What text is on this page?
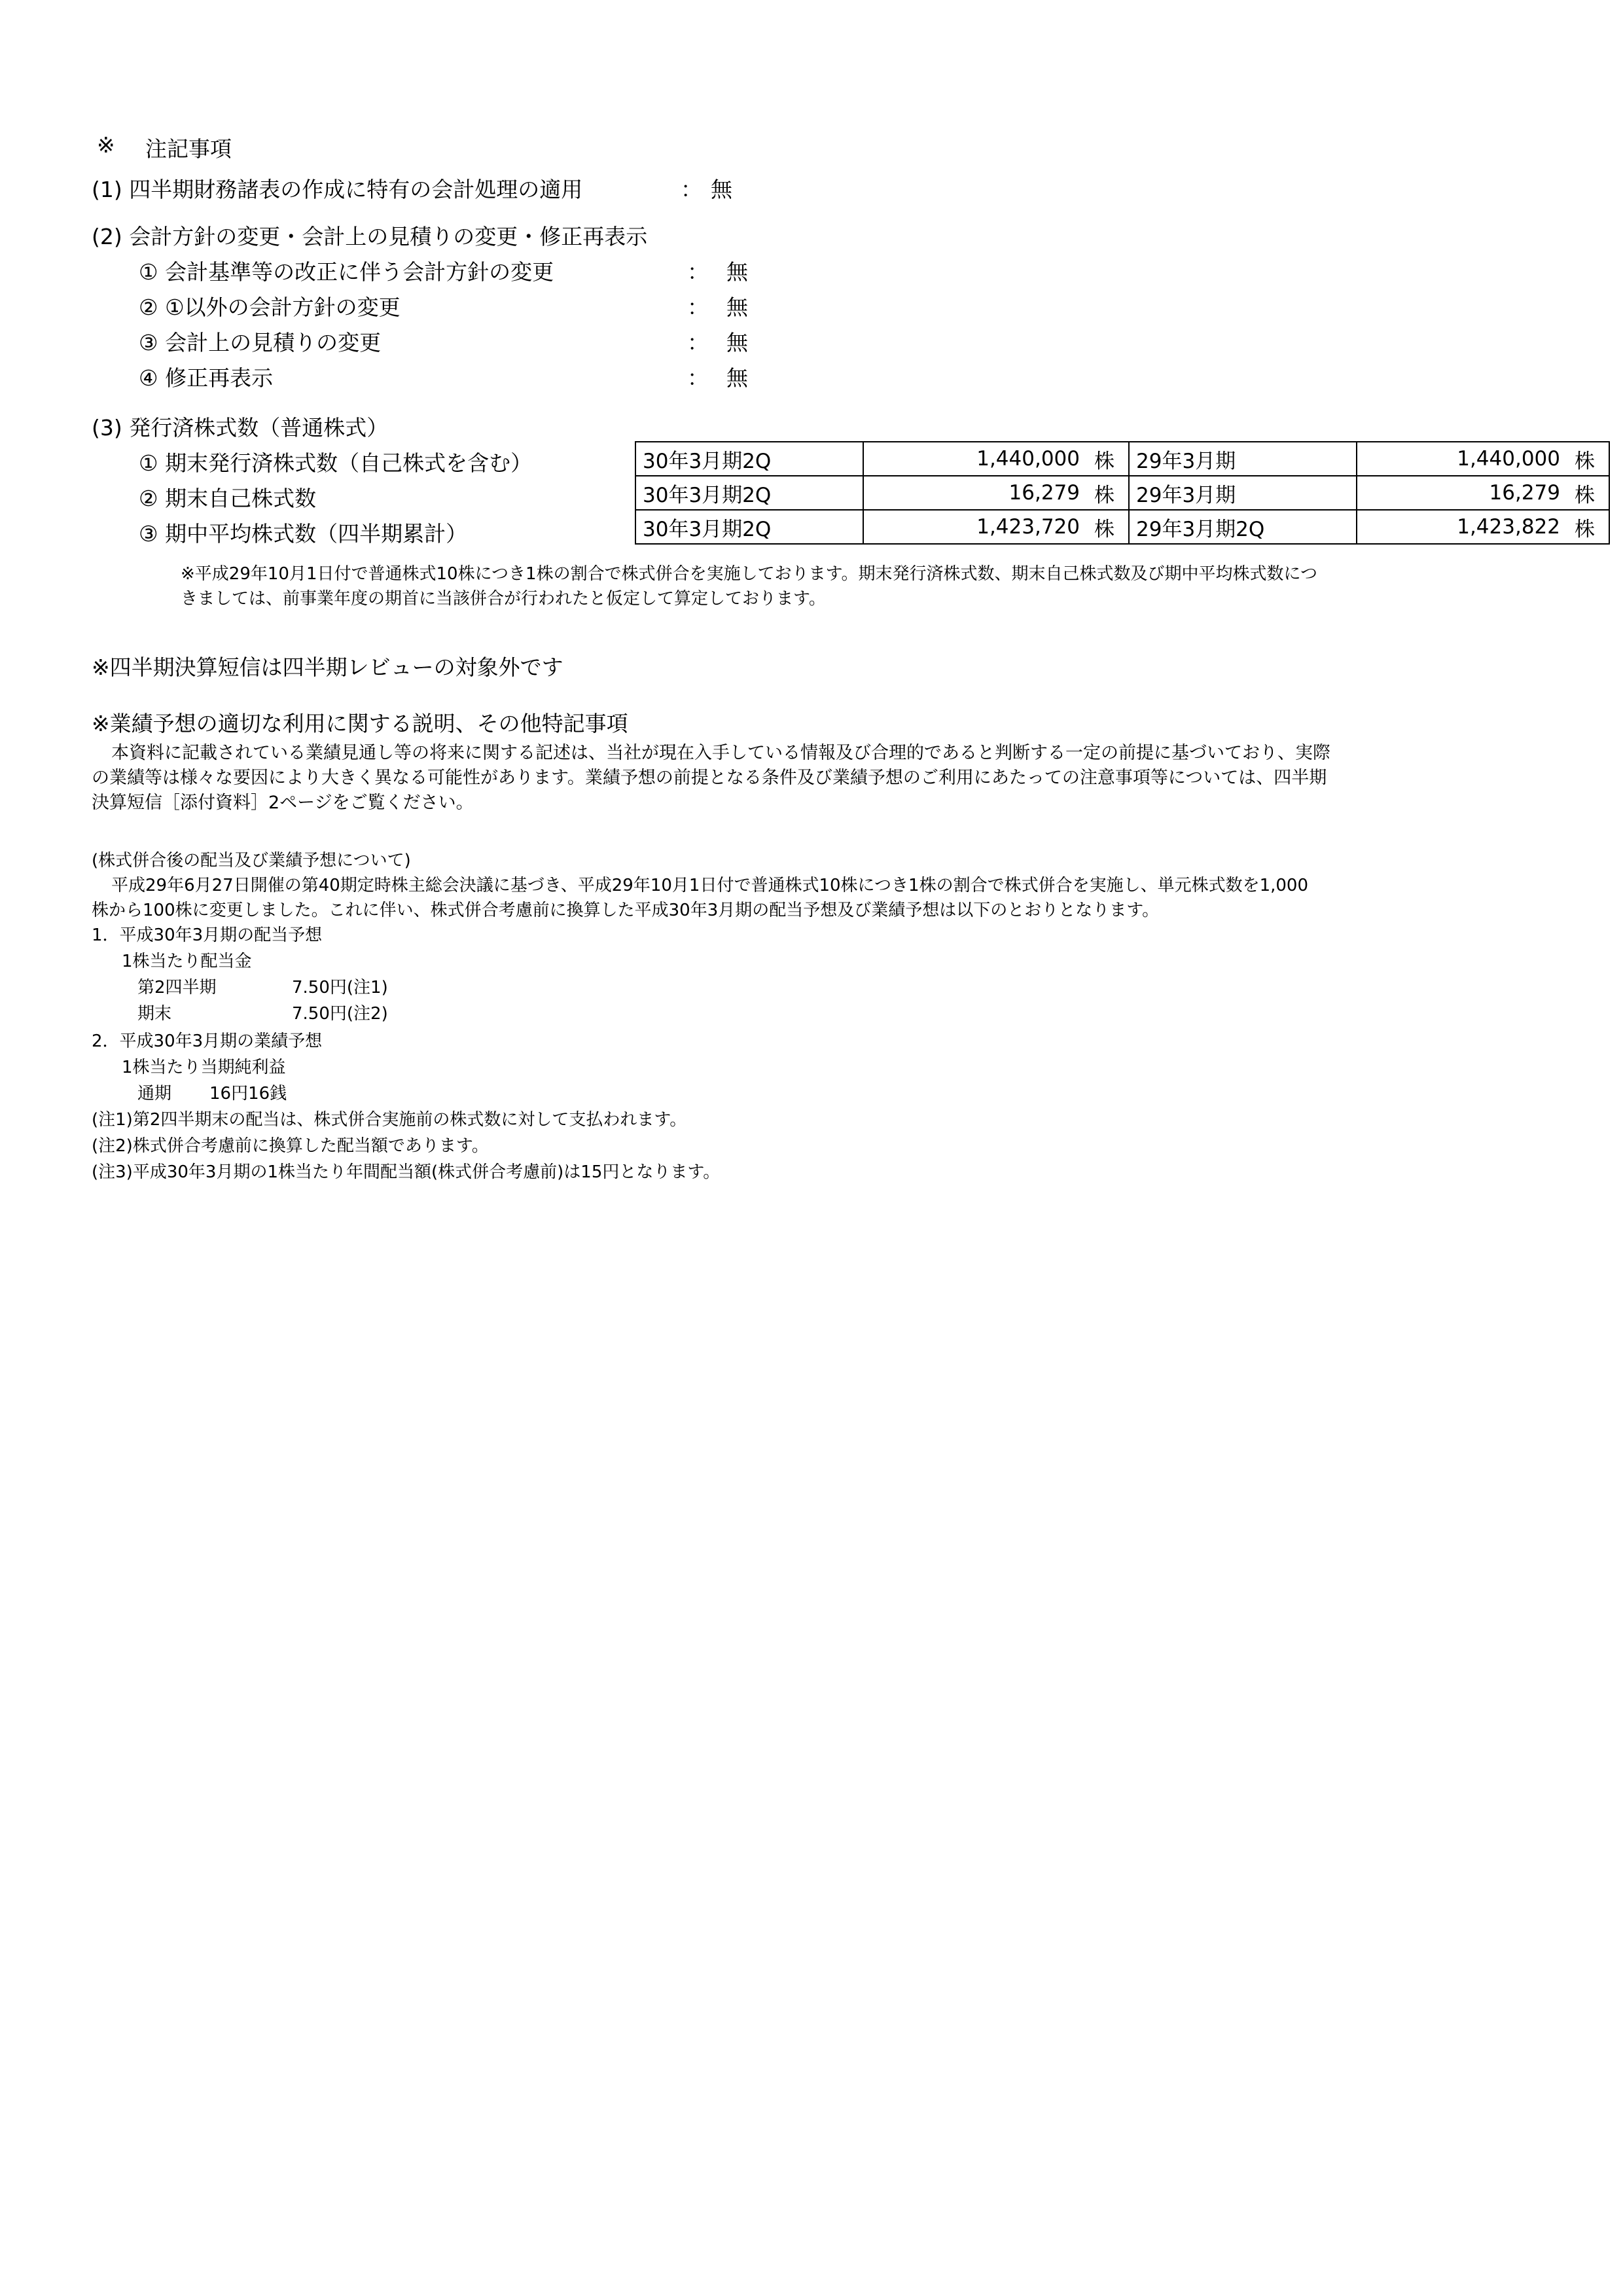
※ 注記事項
(1) 四半期財務諸表の作成に特有の会計処理の適用	： 無
(2) 会計方針の変更・会計上の見積りの変更・修正再表示
① 会計基準等の改正に伴う会計方針の変更	： 無
② ①以外の会計方針の変更	： 無
③ 会計上の見積りの変更	： 無
④ 修正再表示	： 無
(3) 発行済株式数（普通株式）
① 期末発行済株式数（自己株式を含む）
② 期末自己株式数
③ 期中平均株式数（四半期累計）
30年3月期2Q	1,440,000	株	29年3月期	1,440,000	株
30年3月期2Q	16,279	株	29年3月期	16,279	株
30年3月期2Q	1,423,720	株	29年3月期2Q	1,423,822	株
※平成29年10月1日付で普通株式10株につき1株の割合で株式併合を実施しております。期末発行済株式数、期末自己株式数及び期中平均株式数につ
きましては、前事業年度の期首に当該併合が行われたと仮定して算定しております。
※四半期決算短信は四半期レビューの対象外です
※業績予想の適切な利用に関する説明、その他特記事項
本資料に記載されている業績見通し等の将来に関する記述は、当社が現在入手している情報及び合理的であると判断する一定の前提に基づいており、実際
の業績等は様々な要因により大きく異なる可能性があります。業績予想の前提となる条件及び業績予想のご利用にあたっての注意事項等については、四半期
決算短信［添付資料］2ページをご覧ください。
(株式併合後の配当及び業績予想について)
平成29年6月27日開催の第40期定時株主総会決議に基づき、平成29年10月1日付で普通株式10株につき1株の割合で株式併合を実施し、単元株式数を1,000
株から100株に変更しました。これに伴い、株式併合考慮前に換算した平成30年3月期の配当予想及び業績予想は以下のとおりとなります。
1．平成30年3月期の配当予想
1株当たり配当金
第2四半期	7.50円(注1)
期末	7.50円(注2)
2．平成30年3月期の業績予想
1株当たり当期純利益
通期 16円16銭
(注1)第2四半期末の配当は、株式併合実施前の株式数に対して支払われます。
(注2)株式併合考慮前に換算した配当額であります。
(注3)平成30年3月期の1株当たり年間配当額(株式併合考慮前)は15円となります。
